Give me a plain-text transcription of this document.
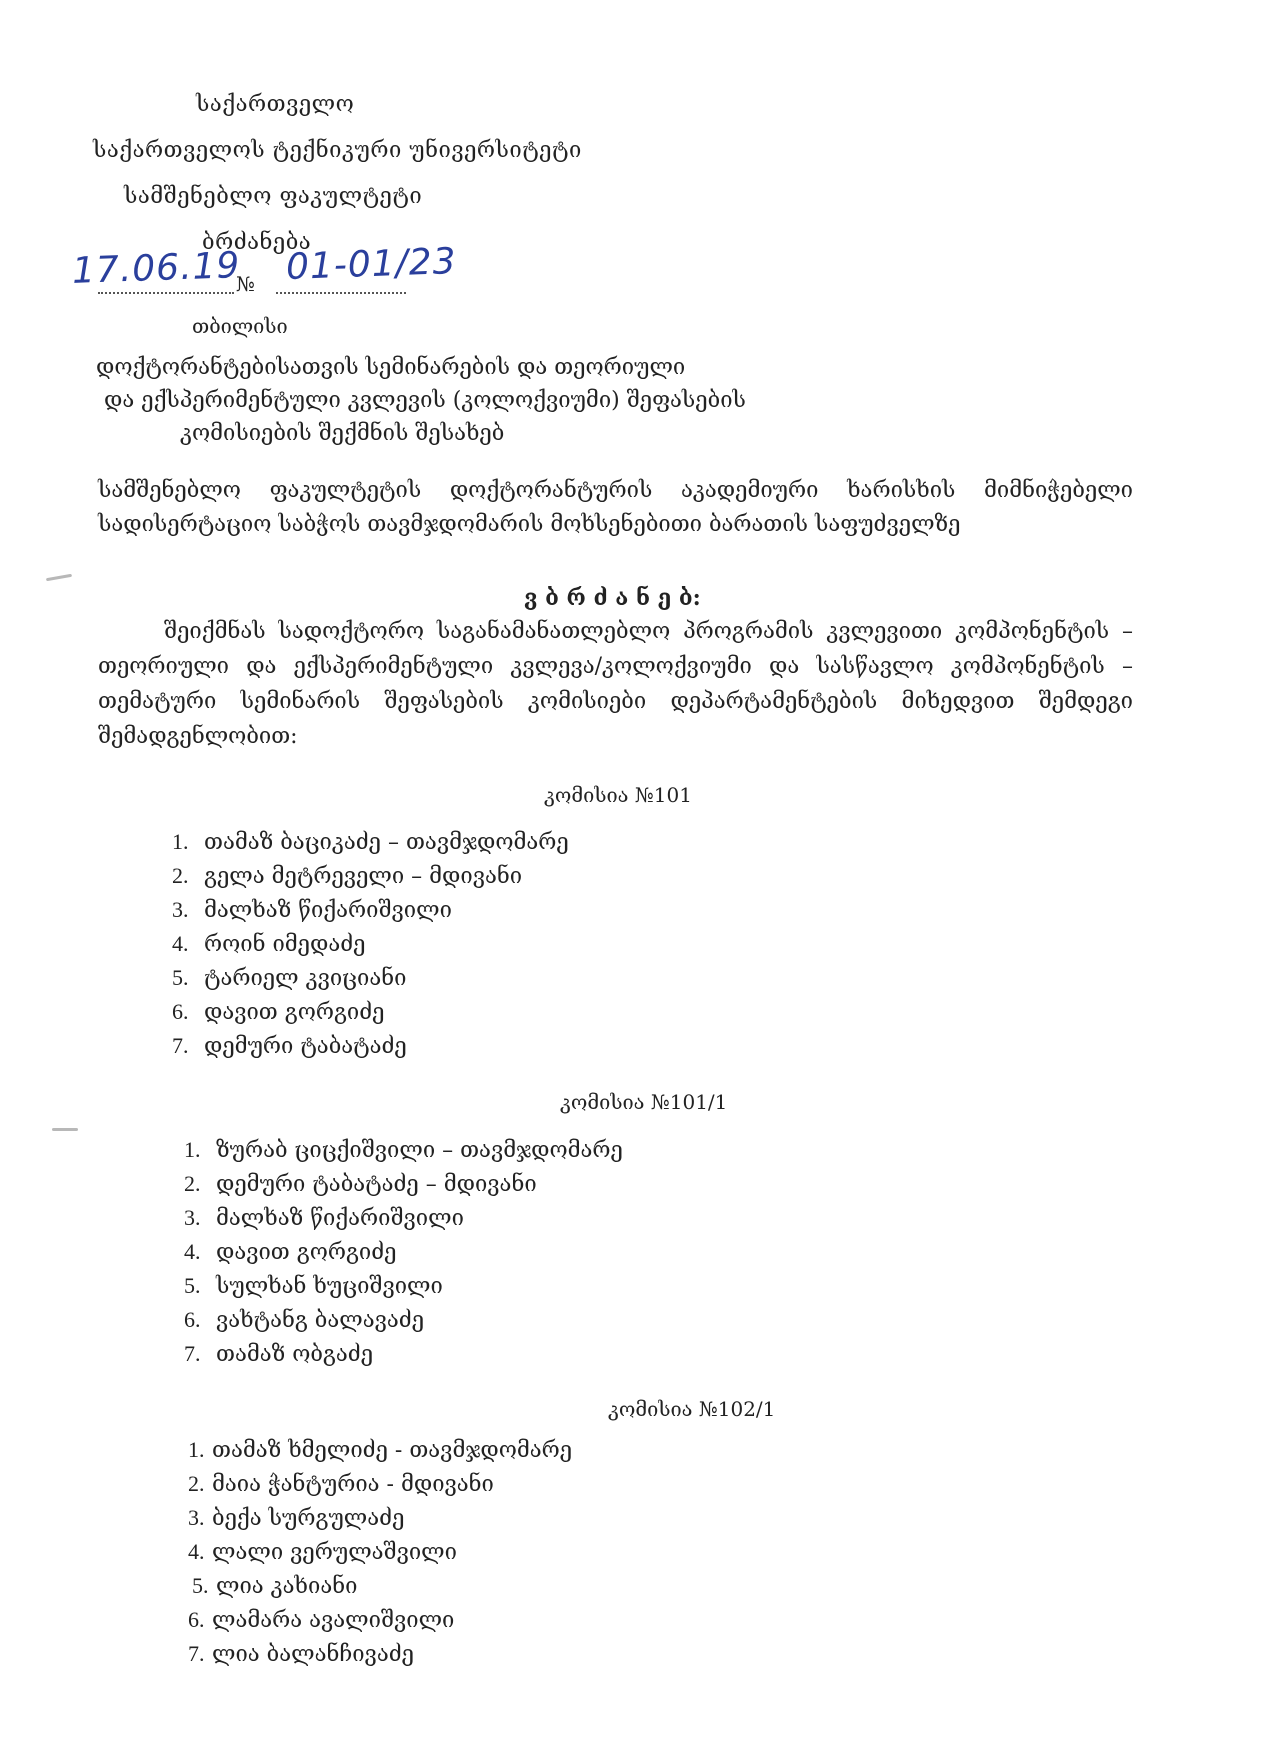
საქართველო
საქართველოს ტექნიკური უნივერსიტეტი
სამშენებლო ფაკულტეტი
ბრძანება
17.06.19
№ 01-01/23
თბილისი
დოქტორანტებისათვის სემინარების და თეორიული
და ექსპერიმენტული კვლევის (კოლოქვიუმი) შეფასების
კომისიების შექმნის შესახებ
სამშენებლო ფაკულტეტის დოქტორანტურის აკადემიური ხარისხის მიმნიჭებელი
სადისერტაციო საბჭოს თავმჯდომარის მოხსენებითი ბარათის საფუძველზე
ვ ბ რ ძ ა ნ ე ბ:
შეიქმნას სადოქტორო საგანამანათლებლო პროგრამის კვლევითი კომპონენტის –
თეორიული და ექსპერიმენტული კვლევა/კოლოქვიუმი და სასწავლო კომპონენტის –
თემატური სემინარის შეფასების კომისიები დეპარტამენტების მიხედვით შემდეგი
შემადგენლობით:
კომისია №101
1. თამაზ ბაციკაძე – თავმჯდომარე
2. გელა მეტრეველი – მდივანი
3. მალხაზ წიქარიშვილი
4. როინ იმედაძე
5. ტარიელ კვიციანი
6. დავით გორგიძე
7. დემური ტაბატაძე
კომისია №101/1
1. ზურაბ ციცქიშვილი – თავმჯდომარე
2. დემური ტაბატაძე – მდივანი
3. მალხაზ წიქარიშვილი
4. დავით გორგიძე
5. სულხან ხუციშვილი
6. ვახტანგ ბალავაძე
7. თამაზ ობგაძე
კომისია №102/1
1. თამაზ ხმელიძე - თავმჯდომარე
2. მაია ჭანტურია - მდივანი
3. ბექა სურგულაძე
4. ლალი ვერულაშვილი
5. ლია კახიანი
6. ლამარა ავალიშვილი
7. ლია ბალანჩივაძე
